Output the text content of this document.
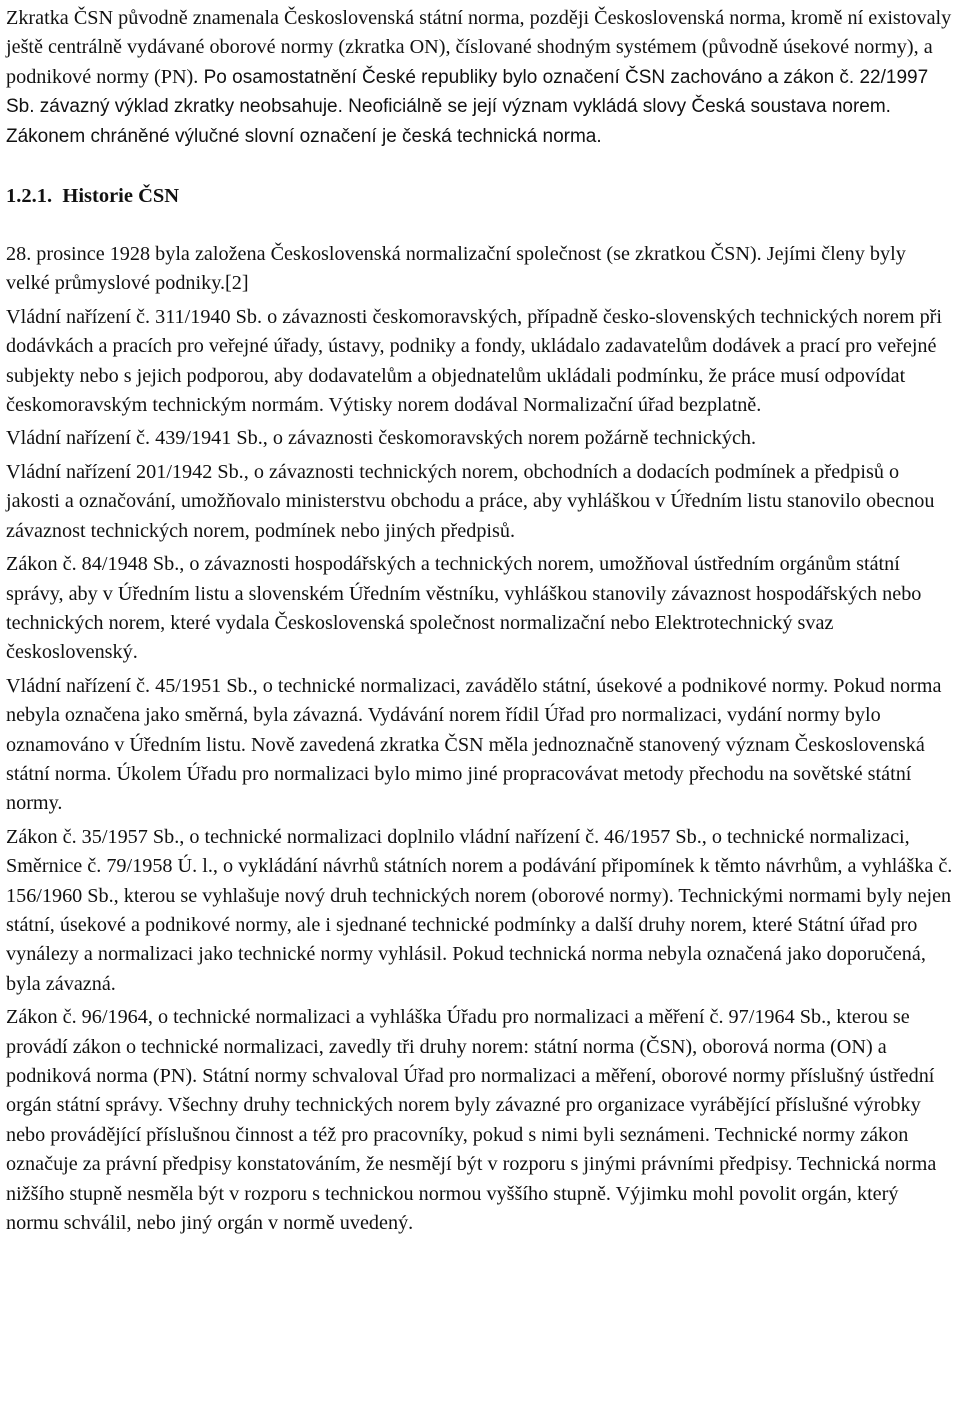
Zkratka ČSN původně znamenala Československá státní norma, později Československá norma, kromě ní existovaly ještě centrálně vydávané oborové normy (zkratka ON), číslované shodným systémem (původně úsekové normy), a podnikové normy (PN). Po osamostatnění České republiky bylo označení ČSN zachováno a zákon č. 22/1997 Sb. závazný výklad zkratky neobsahuje. Neoficiálně se její význam vykládá slovy Česká soustava norem. Zákonem chráněné výlučné slovní označení je česká technická norma.

1.2.1. Historie ČSN

28. prosince 1928 byla založena Československá normalizační společnost (se zkratkou ČSN). Jejími členy byly velké průmyslové podniky.[2]

Vládní nařízení č. 311/1940 Sb. o závaznosti českomoravských, případně česko-slovenských technických norem při dodávkách a pracích pro veřejné úřady, ústavy, podniky a fondy, ukládalo zadavatelům dodávek a prací pro veřejné subjekty nebo s jejich podporou, aby dodavatelům a objednatelům ukládali podmínku, že práce musí odpovídat českomoravským technickým normám. Výtisky norem dodával Normalizační úřad bezplatně.

Vládní nařízení č. 439/1941 Sb., o závaznosti českomoravských norem požárně technických.

Vládní nařízení 201/1942 Sb., o závaznosti technických norem, obchodních a dodacích podmínek a předpisů o jakosti a označování, umožňovalo ministerstvu obchodu a práce, aby vyhláškou v Úředním listu stanovilo obecnou závaznost technických norem, podmínek nebo jiných předpisů.

Zákon č. 84/1948 Sb., o závaznosti hospodářských a technických norem, umožňoval ústředním orgánům státní správy, aby v Úředním listu a slovenském Úředním věstníku, vyhláškou stanovily závaznost hospodářských nebo technických norem, které vydala Československá společnost normalizační nebo Elektrotechnický svaz československý.

Vládní nařízení č. 45/1951 Sb., o technické normalizaci, zavádělo státní, úsekové a podnikové normy. Pokud norma nebyla označena jako směrná, byla závazná. Vydávání norem řídil Úřad pro normalizaci, vydání normy bylo oznamováno v Úředním listu. Nově zavedená zkratka ČSN měla jednoznačně stanovený význam Československá státní norma. Úkolem Úřadu pro normalizaci bylo mimo jiné propracovávat metody přechodu na sovětské státní normy.

Zákon č. 35/1957 Sb., o technické normalizaci doplnilo vládní nařízení č. 46/1957 Sb., o technické normalizaci, Směrnice č. 79/1958 Ú. l., o vykládání návrhů státních norem a podávání připomínek k těmto návrhům, a vyhláška č. 156/1960 Sb., kterou se vyhlašuje nový druh technických norem (oborové normy). Technickými normami byly nejen státní, úsekové a podnikové normy, ale i sjednané technické podmínky a další druhy norem, které Státní úřad pro vynálezy a normalizaci jako technické normy vyhlásil. Pokud technická norma nebyla označená jako doporučená, byla závazná.

Zákon č. 96/1964, o technické normalizaci a vyhláška Úřadu pro normalizaci a měření č. 97/1964 Sb., kterou se provádí zákon o technické normalizaci, zavedly tři druhy norem: státní norma (ČSN), oborová norma (ON) a podniková norma (PN). Státní normy schvaloval Úřad pro normalizaci a měření, oborové normy příslušný ústřední orgán státní správy. Všechny druhy technických norem byly závazné pro organizace vyrábějící příslušné výrobky nebo provádějící příslušnou činnost a též pro pracovníky, pokud s nimi byli seznámeni. Technické normy zákon označuje za právní předpisy konstatováním, že nesmějí být v rozporu s jinými právními předpisy. Technická norma nižšího stupně nesměla být v rozporu s technickou normou vyššího stupně. Výjimku mohl povolit orgán, který normu schválil, nebo jiný orgán v normě uvedený.
